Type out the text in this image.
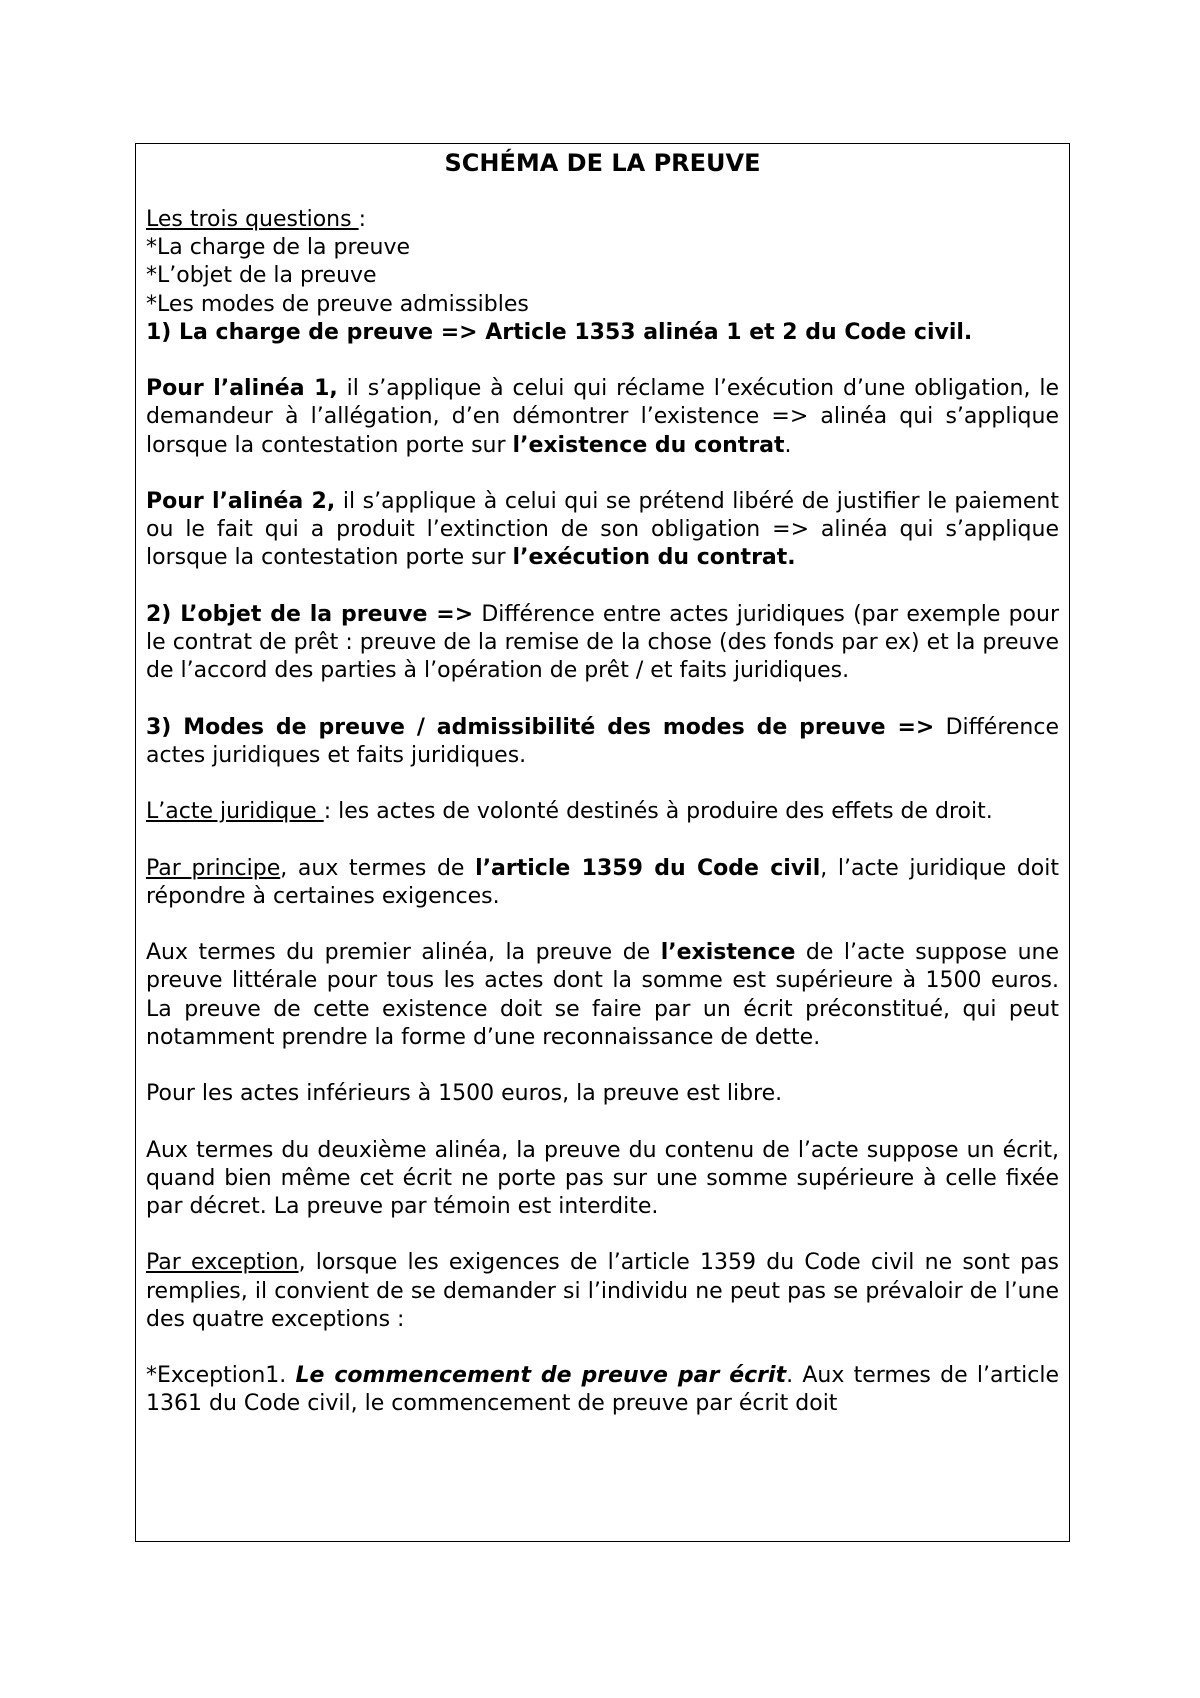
SCHÉMA DE LA PREUVE

Les trois questions :

*La charge de la preuve

*L’objet de la preuve

*Les modes de preuve admissibles

1) La charge de preuve => Article 1353 alinéa 1 et 2 du Code civil.

Pour l’alinéa 1, il s’applique à celui qui réclame l’exécution d’une obligation, le demandeur à l’allégation, d’en démontrer l’existence => alinéa qui s’applique lorsque la contestation porte sur l’existence du contrat.

Pour l’alinéa 2, il s’applique à celui qui se prétend libéré de justifier le paiement ou le fait qui a produit l’extinction de son obligation => alinéa qui s’applique lorsque la contestation porte sur l’exécution du contrat.

2) L’objet de la preuve => Différence entre actes juridiques (par exemple pour le contrat de prêt : preuve de la remise de la chose (des fonds par ex) et la preuve de l’accord des parties à l’opération de prêt / et faits juridiques.

3) Modes de preuve / admissibilité des modes de preuve => Différence actes juridiques et faits juridiques.

L’acte juridique : les actes de volonté destinés à produire des effets de droit.

Par principe, aux termes de l’article 1359 du Code civil, l’acte juridique doit répondre à certaines exigences.

Aux termes du premier alinéa, la preuve de l’existence de l’acte suppose une preuve littérale pour tous les actes dont la somme est supérieure à 1500 euros. La preuve de cette existence doit se faire par un écrit préconstitué, qui peut notamment prendre la forme d’une reconnaissance de dette.

Pour les actes inférieurs à 1500 euros, la preuve est libre.

Aux termes du deuxième alinéa, la preuve du contenu de l’acte suppose un écrit, quand bien même cet écrit ne porte pas sur une somme supérieure à celle fixée par décret. La preuve par témoin est interdite.

Par exception, lorsque les exigences de l’article 1359 du Code civil ne sont pas remplies, il convient de se demander si l’individu ne peut pas se prévaloir de l’une des quatre exceptions :

*Exception1. Le commencement de preuve par écrit. Aux termes de l’article 1361 du Code civil, le commencement de preuve par écrit doit
